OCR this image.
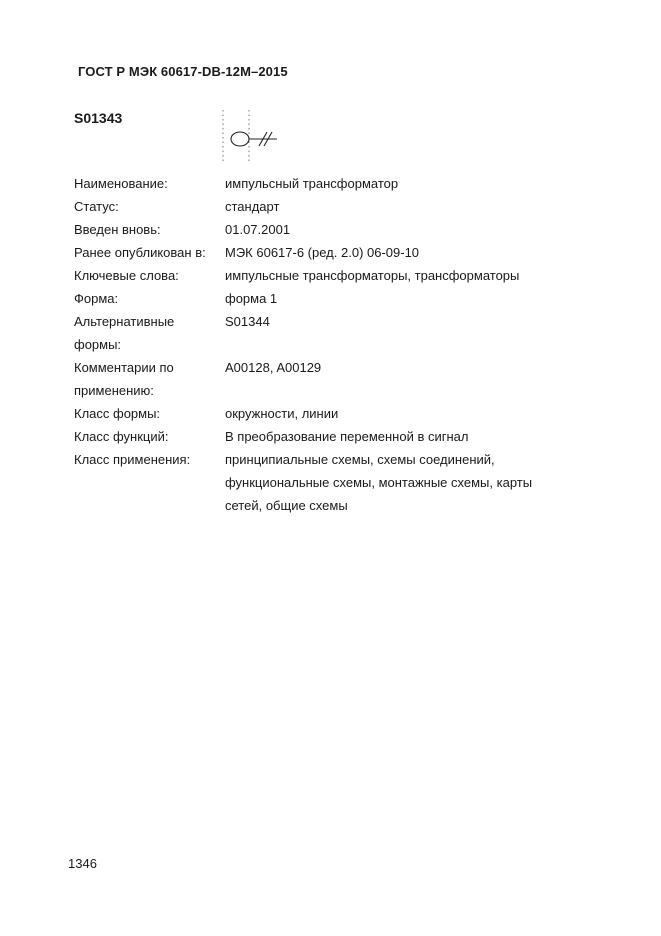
ГОСТ Р МЭК 60617-DB-12M–2015
S01343
Наименование:	импульсный трансформатор
Статус:	стандарт
Введен вновь:	01.07.2001
Ранее опубликован в:	МЭК 60617-6 (ред. 2.0) 06-09-10
Ключевые слова:	импульсные трансформаторы, трансформаторы
Форма:	форма 1
Альтернативные	S01344
формы:
Комментарии по	A00128, A00129
применению:
Класс формы:	окружности, линии
Класс функций:	В преобразование переменной в сигнал
Класс применения:	принципиальные схемы, схемы соединений,
функциональные схемы, монтажные схемы, карты
сетей, общие схемы
1346
